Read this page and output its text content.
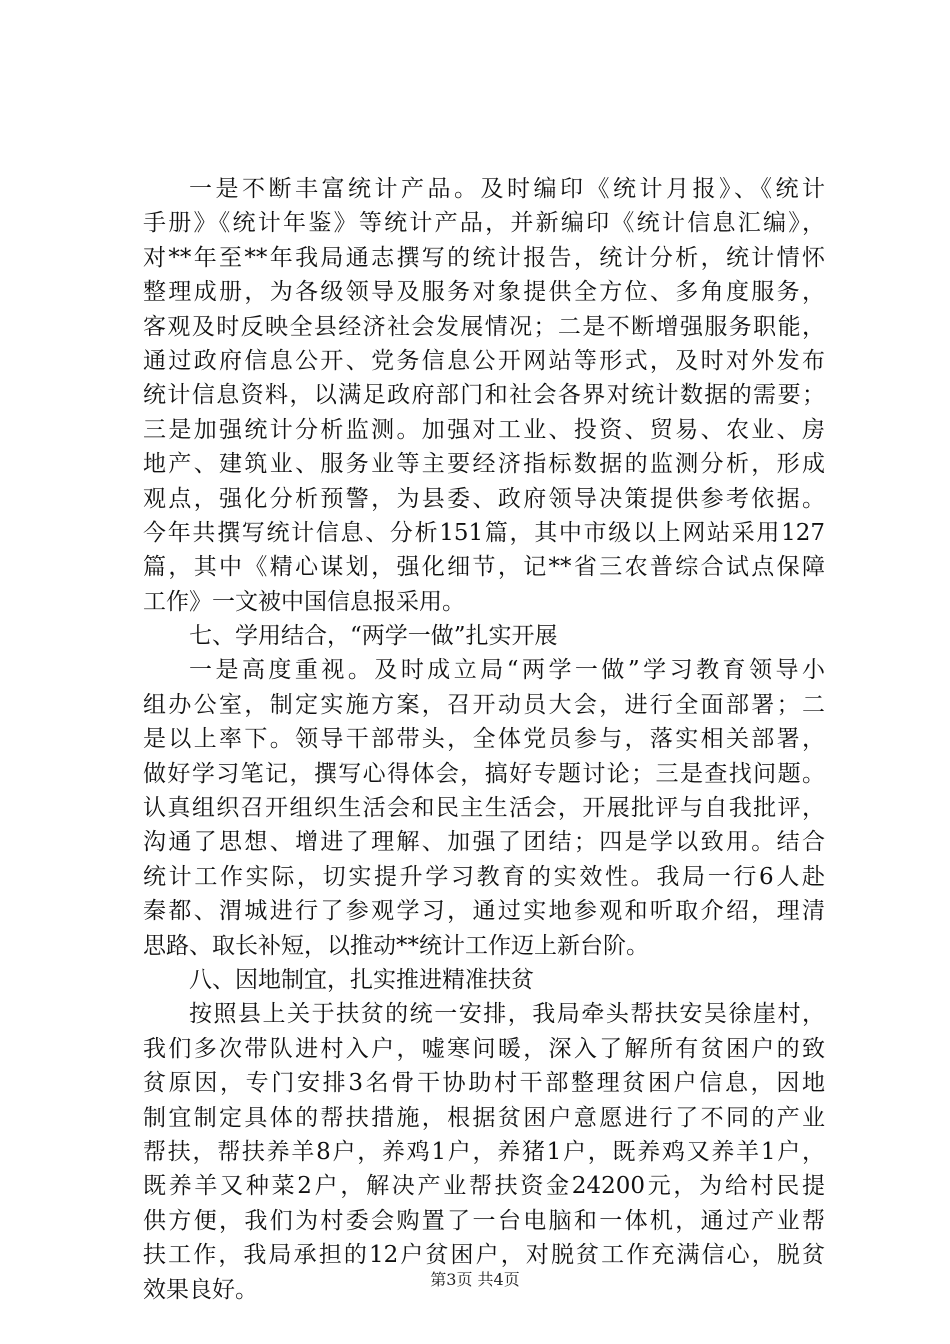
一是不断丰富统计产品。及时编印《统计月报》、《统计
手册》《统计年鉴》等统计产品，并新编印《统计信息汇编》，
对**年至**年我局通志撰写的统计报告，统计分析，统计情怀
整理成册，为各级领导及服务对象提供全方位、多角度服务，
客观及时反映全县经济社会发展情况；二是不断增强服务职能，
通过政府信息公开、党务信息公开网站等形式，及时对外发布
统计信息资料，以满足政府部门和社会各界对统计数据的需要；
三是加强统计分析监测。加强对工业、投资、贸易、农业、房
地产、建筑业、服务业等主要经济指标数据的监测分析，形成
观点，强化分析预警，为县委、政府领导决策提供参考依据。
今年共撰写统计信息、分析151篇，其中市级以上网站采用127
篇，其中《精心谋划，强化细节，记**省三农普综合试点保障
工作》一文被中国信息报采用。
七、学用结合，“两学一做”扎实开展
一是高度重视。及时成立局“两学一做”学习教育领导小
组办公室，制定实施方案，召开动员大会，进行全面部署；二
是以上率下。领导干部带头，全体党员参与，落实相关部署，
做好学习笔记，撰写心得体会，搞好专题讨论；三是查找问题。
认真组织召开组织生活会和民主生活会，开展批评与自我批评，
沟通了思想、增进了理解、加强了团结；四是学以致用。结合
统计工作实际，切实提升学习教育的实效性。我局一行6人赴
秦都、渭城进行了参观学习，通过实地参观和听取介绍，理清
思路、取长补短，以推动**统计工作迈上新台阶。
八、因地制宜，扎实推进精准扶贫
按照县上关于扶贫的统一安排，我局牵头帮扶安吴徐崖村，
我们多次带队进村入户，嘘寒问暖，深入了解所有贫困户的致
贫原因，专门安排3名骨干协助村干部整理贫困户信息，因地
制宜制定具体的帮扶措施，根据贫困户意愿进行了不同的产业
帮扶，帮扶养羊8户，养鸡1户，养猪1户，既养鸡又养羊1户，
既养羊又种菜2户，解决产业帮扶资金24200元，为给村民提
供方便，我们为村委会购置了一台电脑和一体机，通过产业帮
扶工作，我局承担的12户贫困户，对脱贫工作充满信心，脱贫
效果良好。	第3页 共4页
